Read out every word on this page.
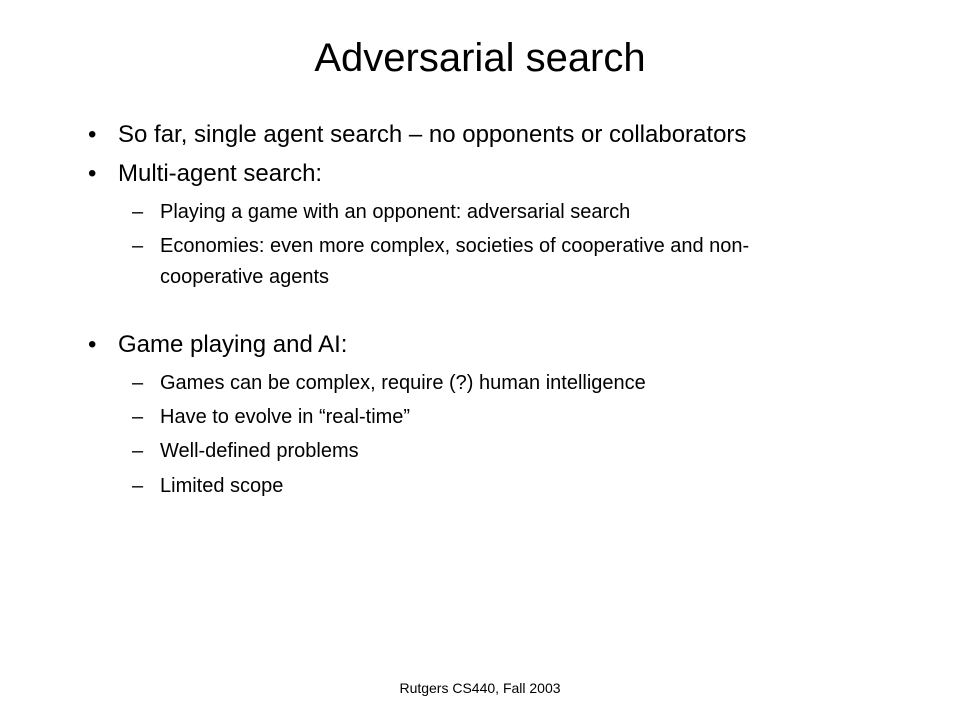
Adversarial search
• So far, single agent search – no opponents or collaborators
• Multi-agent search:
– Playing a game with an opponent: adversarial search
– Economies: even more complex, societies of cooperative and non-
cooperative agents
• Game playing and AI:
– Games can be complex, require (?) human intelligence
– Have to evolve in “real-time”
– Well-defined problems
– Limited scope
Rutgers CS440, Fall 2003
